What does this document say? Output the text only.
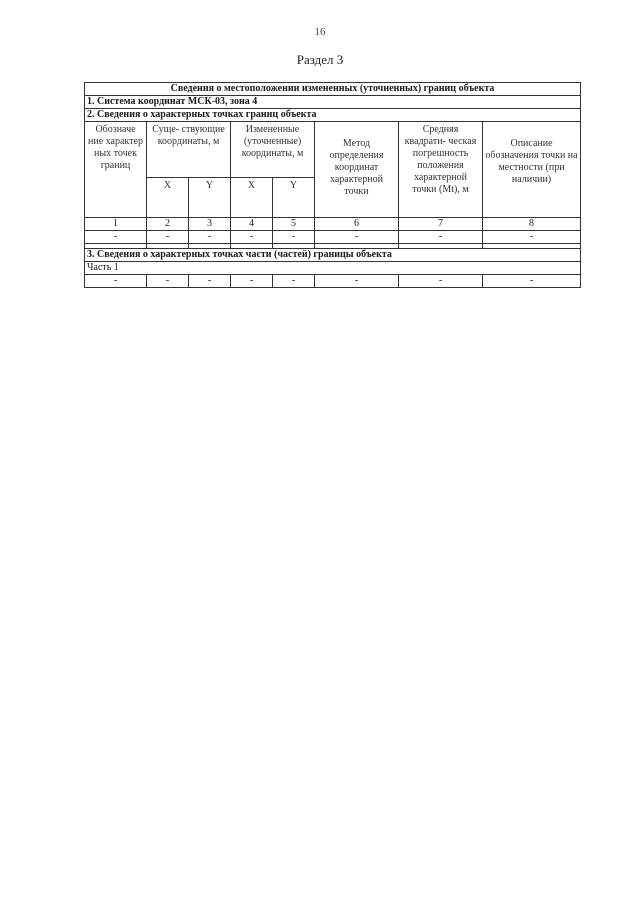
16
Раздел 3
Сведения о местоположении измененных (уточненных) границ объекта							
1. Система координат МСК-03, зона 4							
2. Сведения о характерных точках границ объекта							
Обозначе ние характер ных точек границ	Суще- ствующие координаты, м		Измененные (уточненные) координаты, м		Метод определения координат характерной точки	Средняя квадрати- ческая погрешность положения характерной точки (Mt), м	Описание обозначения точки на местности (при наличии)
	X	Y	X	Y			
1	2	3	4	5	6	7	8
-	-	-	-	-	-	-	-

3. Сведения о характерных точках части (частей) границы объекта							
Часть 1							
-	-	-	-	-	-	-	-
